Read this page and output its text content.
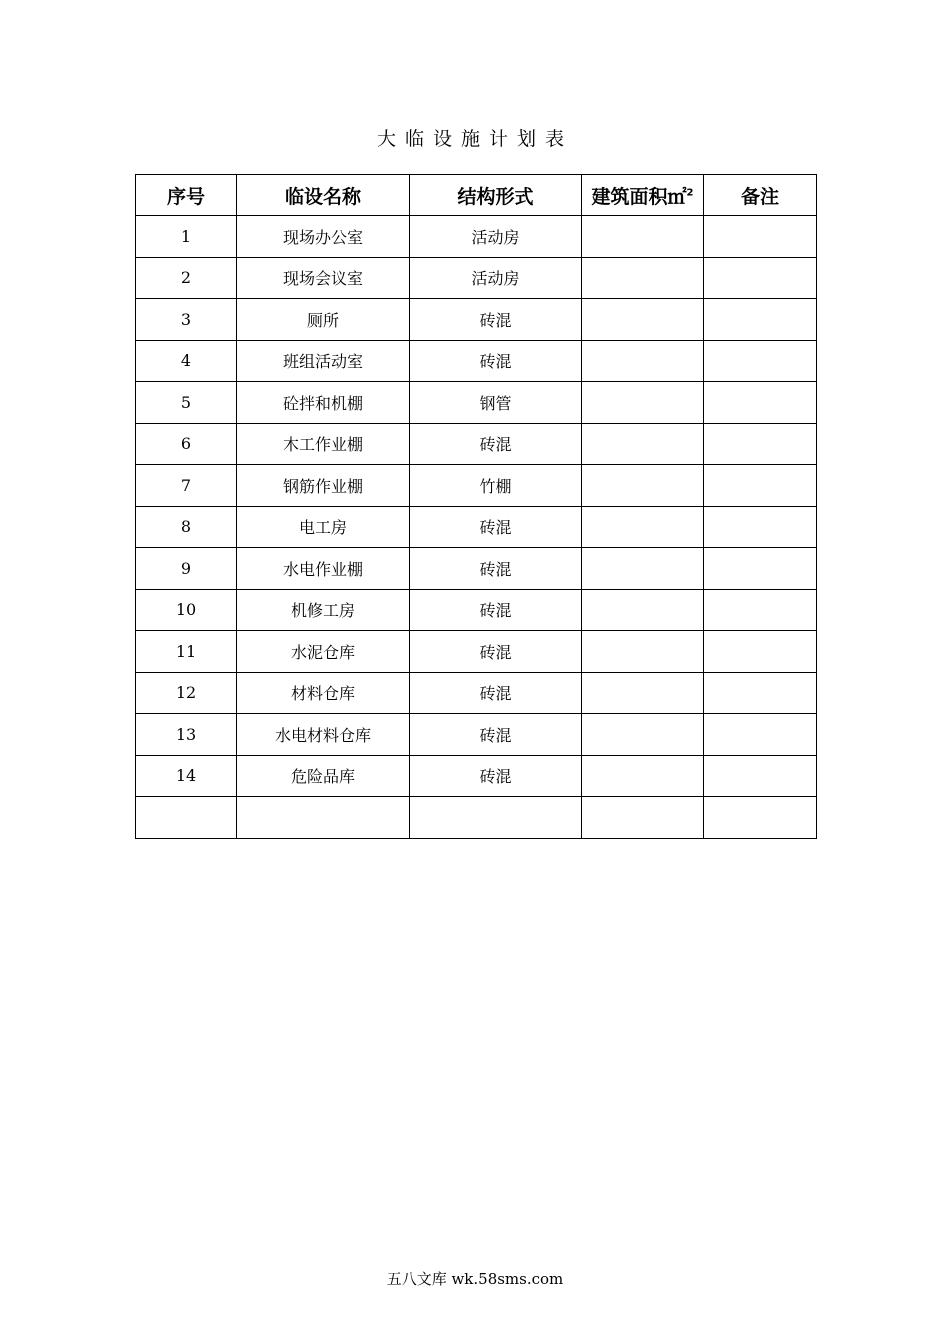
大临设施计划表
序号	临设名称	结构形式	建筑面积㎡$^2$	备注
1	现场办公室	活动房		
2	现场会议室	活动房		
3	厕所	砖混		
4	班组活动室	砖混		
5	砼拌和机棚	钢管		
6	木工作业棚	砖混		
7	钢筋作业棚	竹棚		
8	电工房	砖混		
9	水电作业棚	砖混		
10	机修工房	砖混		
11	水泥仓库	砖混		
12	材料仓库	砖混		
13	水电材料仓库	砖混		
14	危险品库	砖混		

五八文库 wk.58sms.com
